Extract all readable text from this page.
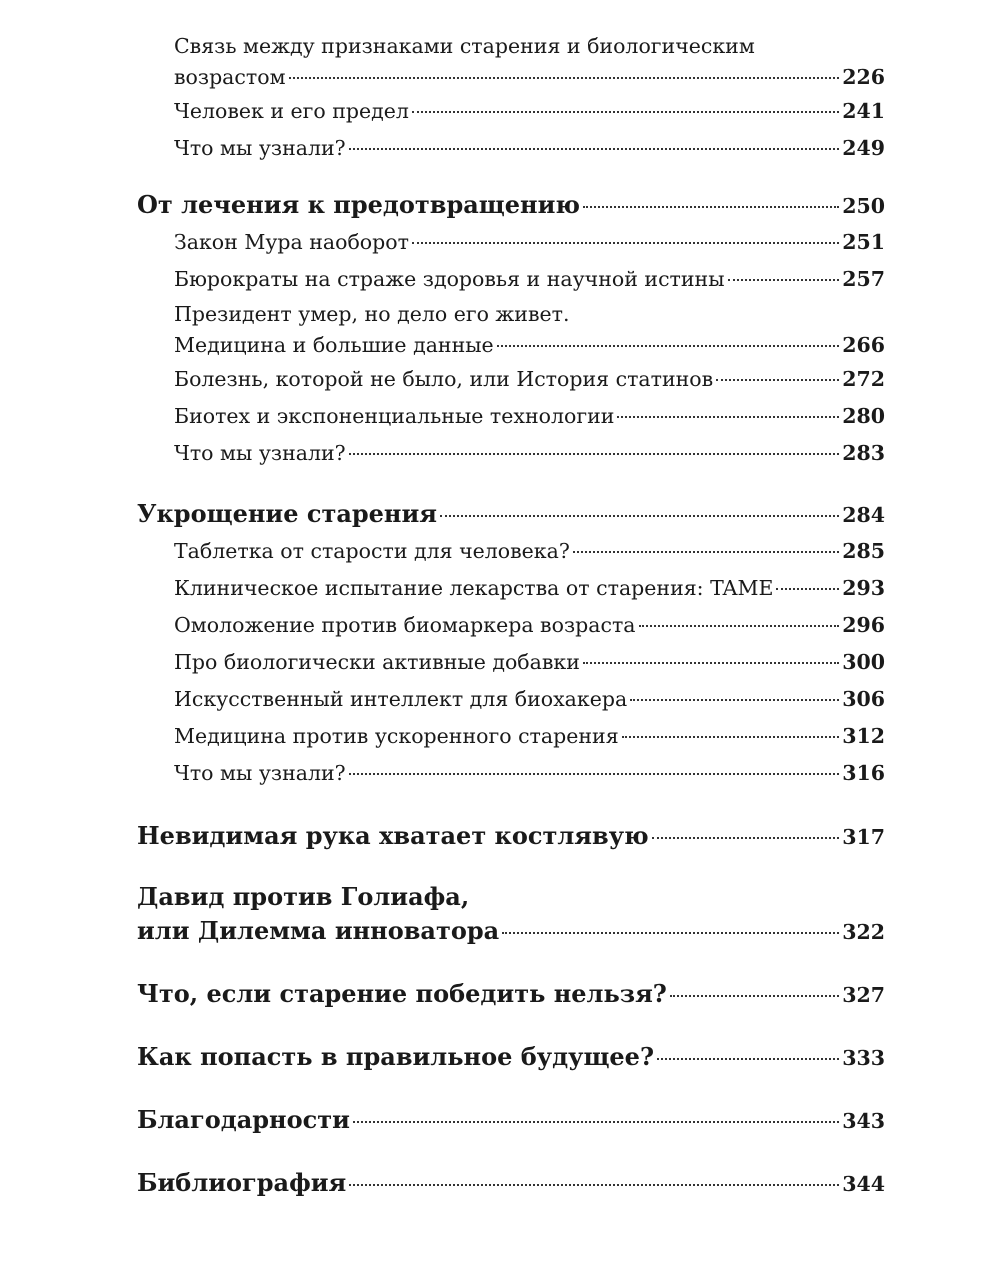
Связь между признаками старения и биологическим
возрастом	226
Человек и его предел	241
Что мы узнали?	249
От лечения к предотвращению	250
Закон Мура наоборот	251
Бюрократы на страже здоровья и научной истины	257
Президент умер, но дело его живет.
Медицина и большие данные	266
Болезнь, которой не было, или История статинов	272
Биотех и экспоненциальные технологии	280
Что мы узнали?	283
Укрощение старения	284
Таблетка от старости для человека?	285
Клиническое испытание лекарства от старения: TAME	293
Омоложение против биомаркера возраста	296
Про биологически активные добавки	300
Искусственный интеллект для биохакера	306
Медицина против ускоренного старения	312
Что мы узнали?	316
Невидимая рука хватает костлявую	317
Давид против Голиафа,
или Дилемма инноватора	322
Что, если старение победить нельзя?	327
Как попасть в правильное будущее?	333
Благодарности	343
Библиография	344
